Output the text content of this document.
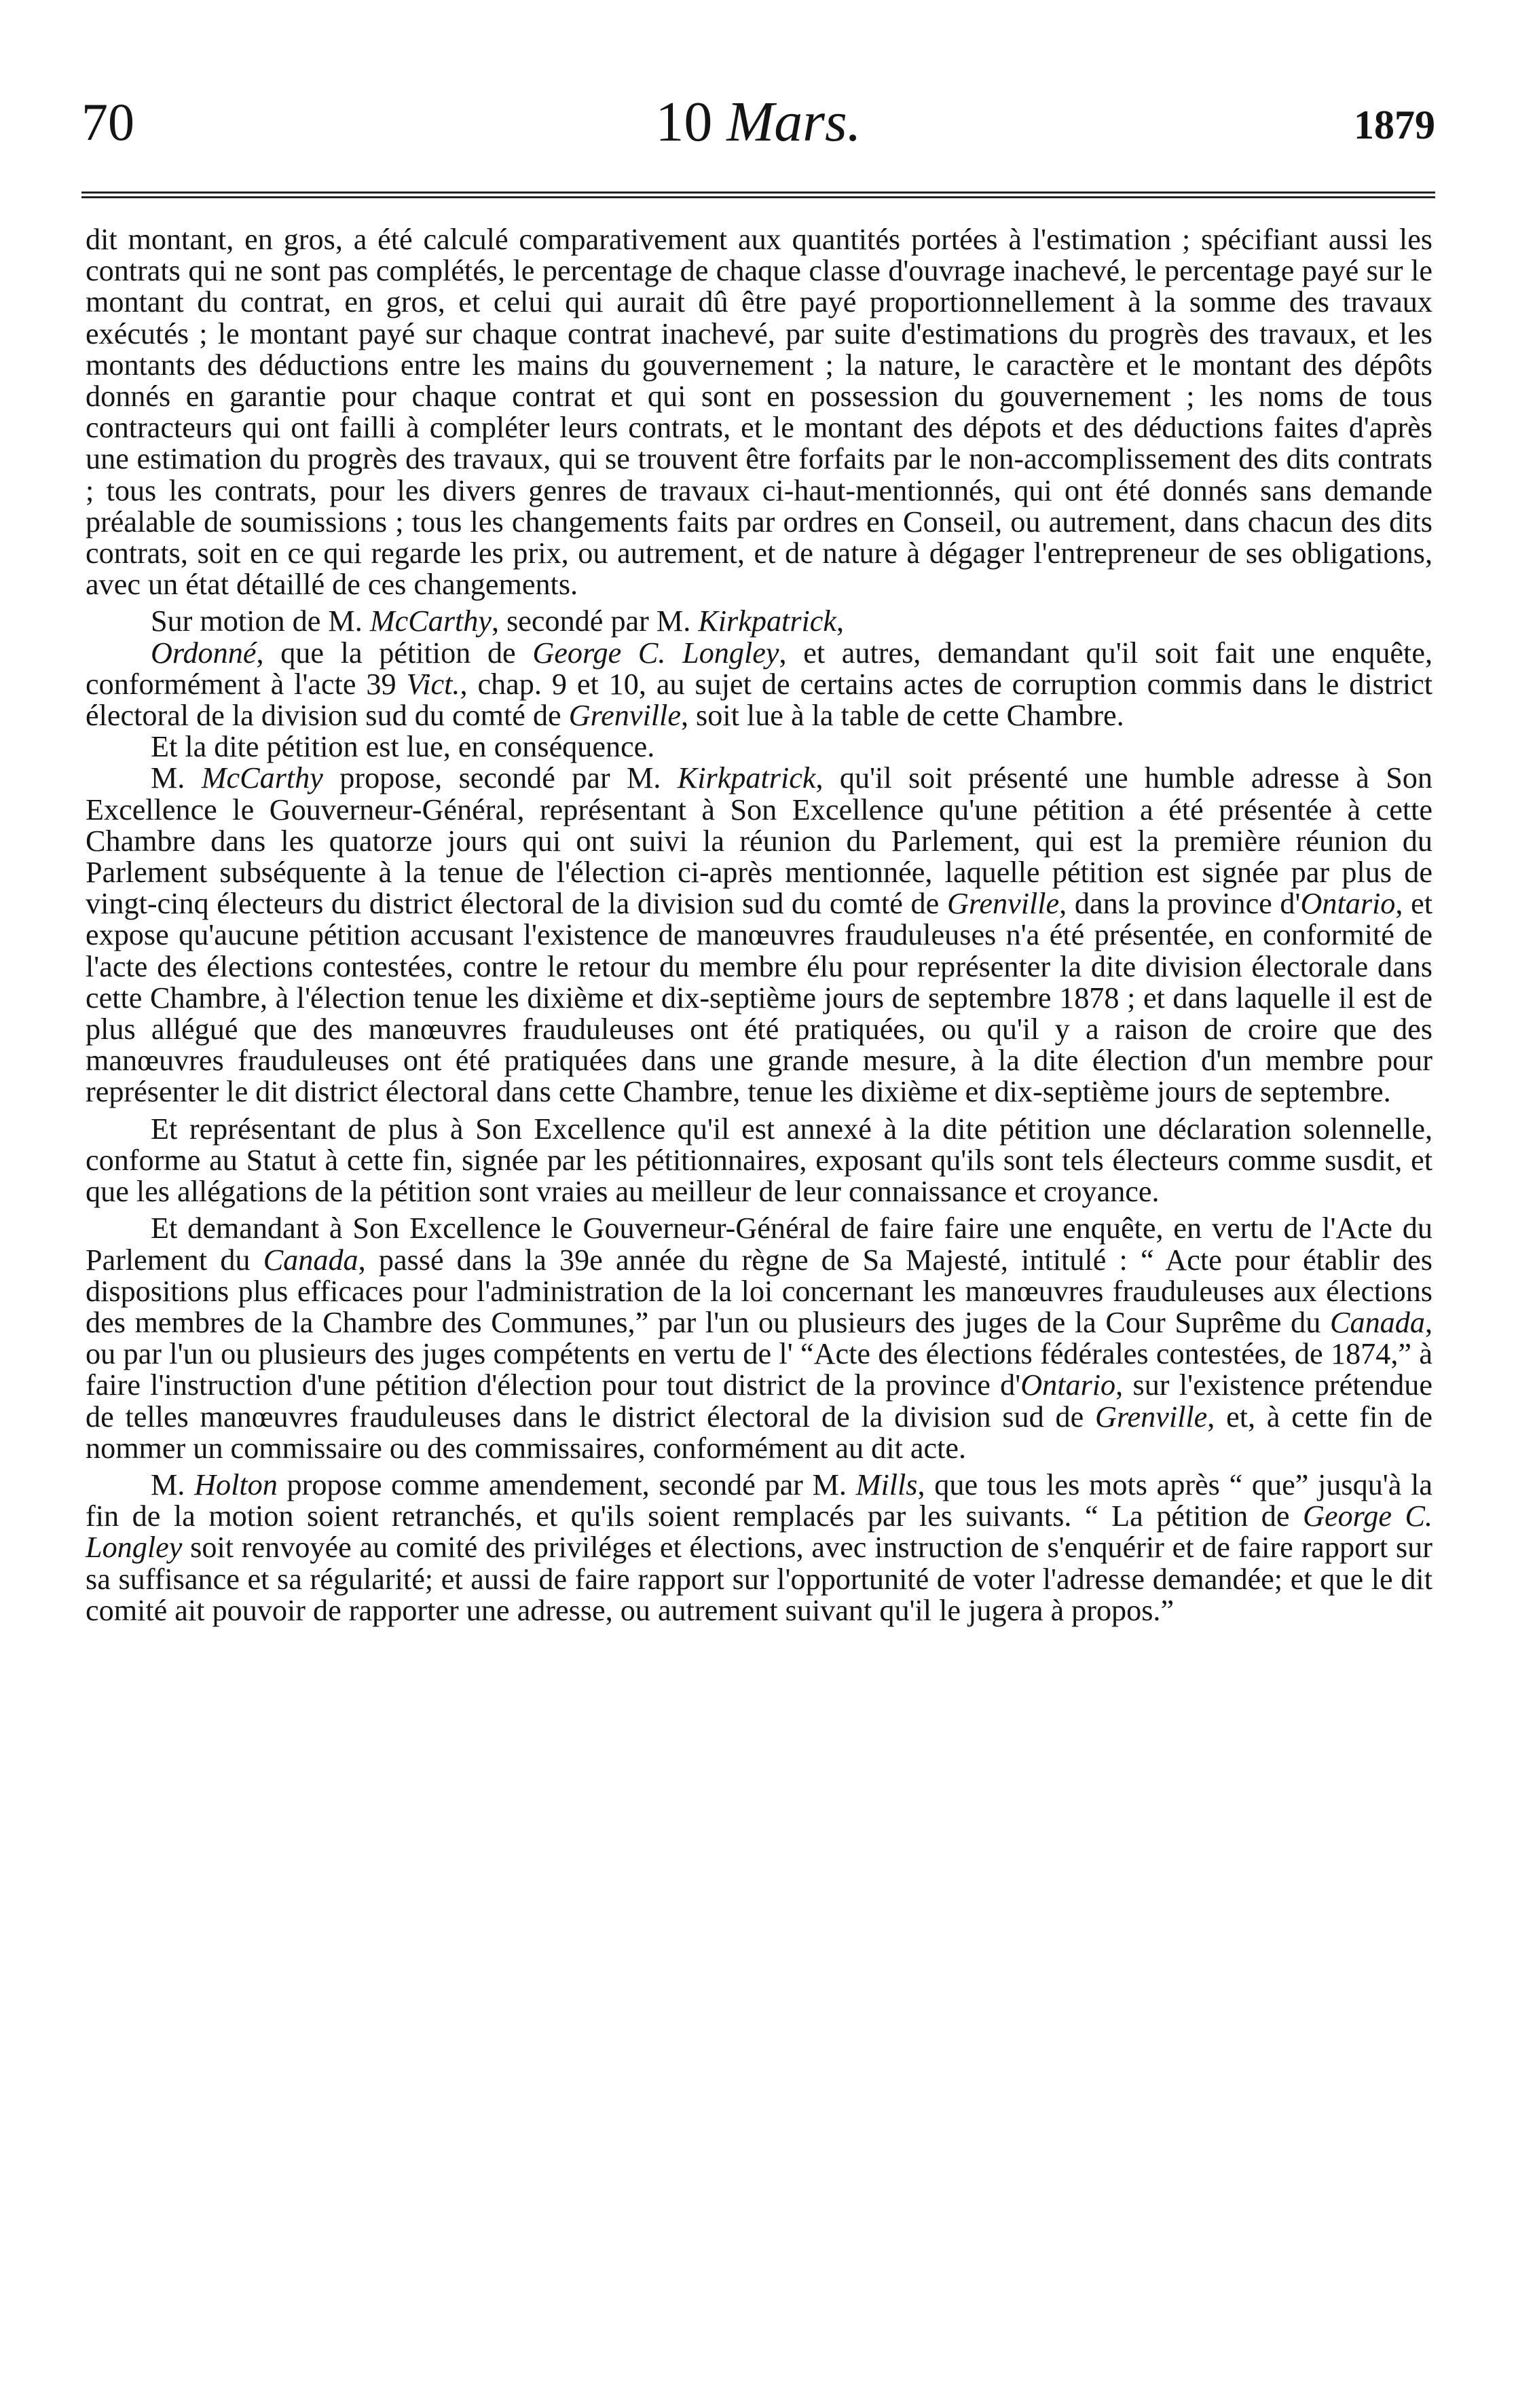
70	10 Mars.	1879

dit montant, en gros, a été calculé comparativement aux quantités portées à l'estimation ; spécifiant aussi les contrats qui ne sont pas complétés, le percentage de chaque classe d'ouvrage inachevé, le percentage payé sur le montant du contrat, en gros, et celui qui aurait dû être payé proportionnellement à la somme des travaux exécutés ; le montant payé sur chaque contrat inachevé, par suite d'estimations du progrès des travaux, et les montants des déductions entre les mains du gouvernement ; la nature, le caractère et le montant des dépôts donnés en garantie pour chaque contrat et qui sont en possession du gouvernement ; les noms de tous contracteurs qui ont failli à compléter leurs contrats, et le montant des dépots et des déductions faites d'après une estimation du progrès des travaux, qui se trouvent être forfaits par le non-accomplissement des dits contrats ; tous les contrats, pour les divers genres de travaux ci-haut-mentionnés, qui ont été donnés sans demande préalable de soumissions ; tous les changements faits par ordres en Conseil, ou autrement, dans chacun des dits contrats, soit en ce qui regarde les prix, ou autrement, et de nature à dégager l'entrepreneur de ses obligations, avec un état détaillé de ces changements.

Sur motion de M. McCarthy, secondé par M. Kirkpatrick,

Ordonné, que la pétition de George C. Longley, et autres, demandant qu'il soit fait une enquête, conformément à l'acte 39 Vict., chap. 9 et 10, au sujet de certains actes de corruption commis dans le district électoral de la division sud du comté de Grenville, soit lue à la table de cette Chambre.

Et la dite pétition est lue, en conséquence.

M. McCarthy propose, secondé par M. Kirkpatrick, qu'il soit présenté une humble adresse à Son Excellence le Gouverneur-Général, représentant à Son Excellence qu'une pétition a été présentée à cette Chambre dans les quatorze jours qui ont suivi la réunion du Parlement, qui est la première réunion du Parlement subséquente à la tenue de l'élection ci-après mentionnée, laquelle pétition est signée par plus de vingt-cinq électeurs du district électoral de la division sud du comté de Grenville, dans la province d'Ontario, et expose qu'aucune pétition accusant l'existence de manœuvres frauduleuses n'a été présentée, en conformité de l'acte des élections contestées, contre le retour du membre élu pour représenter la dite division électorale dans cette Chambre, à l'élection tenue les dixième et dix-septième jours de septembre 1878 ; et dans laquelle il est de plus allégué que des manœuvres frauduleuses ont été pratiquées, ou qu'il y a raison de croire que des manœuvres frauduleuses ont été pratiquées dans une grande mesure, à la dite élection d'un membre pour représenter le dit district électoral dans cette Chambre, tenue les dixième et dix-septième jours de septembre.

Et représentant de plus à Son Excellence qu'il est annexé à la dite pétition une déclaration solennelle, conforme au Statut à cette fin, signée par les pétitionnaires, exposant qu'ils sont tels électeurs comme susdit, et que les allégations de la pétition sont vraies au meilleur de leur connaissance et croyance.

Et demandant à Son Excellence le Gouverneur-Général de faire faire une enquête, en vertu de l'Acte du Parlement du Canada, passé dans la 39e année du règne de Sa Majesté, intitulé : “ Acte pour établir des dispositions plus efficaces pour l'administration de la loi concernant les manœuvres frauduleuses aux élections des membres de la Chambre des Communes,” par l'un ou plusieurs des juges de la Cour Suprême du Canada, ou par l'un ou plusieurs des juges compétents en vertu de l' “Acte des élections fédérales contestées, de 1874,” à faire l'instruction d'une pétition d'élection pour tout district de la province d'Ontario, sur l'existence prétendue de telles manœuvres frauduleuses dans le district électoral de la division sud de Grenville, et, à cette fin de nommer un commissaire ou des commissaires, conformément au dit acte.

M. Holton propose comme amendement, secondé par M. Mills, que tous les mots après “ que” jusqu'à la fin de la motion soient retranchés, et qu'ils soient remplacés par les suivants. “ La pétition de George C. Longley soit renvoyée au comité des priviléges et élections, avec instruction de s'enquérir et de faire rapport sur sa suffisance et sa régularité; et aussi de faire rapport sur l'opportunité de voter l'adresse demandée; et que le dit comité ait pouvoir de rapporter une adresse, ou autrement suivant qu'il le jugera à propos.”
